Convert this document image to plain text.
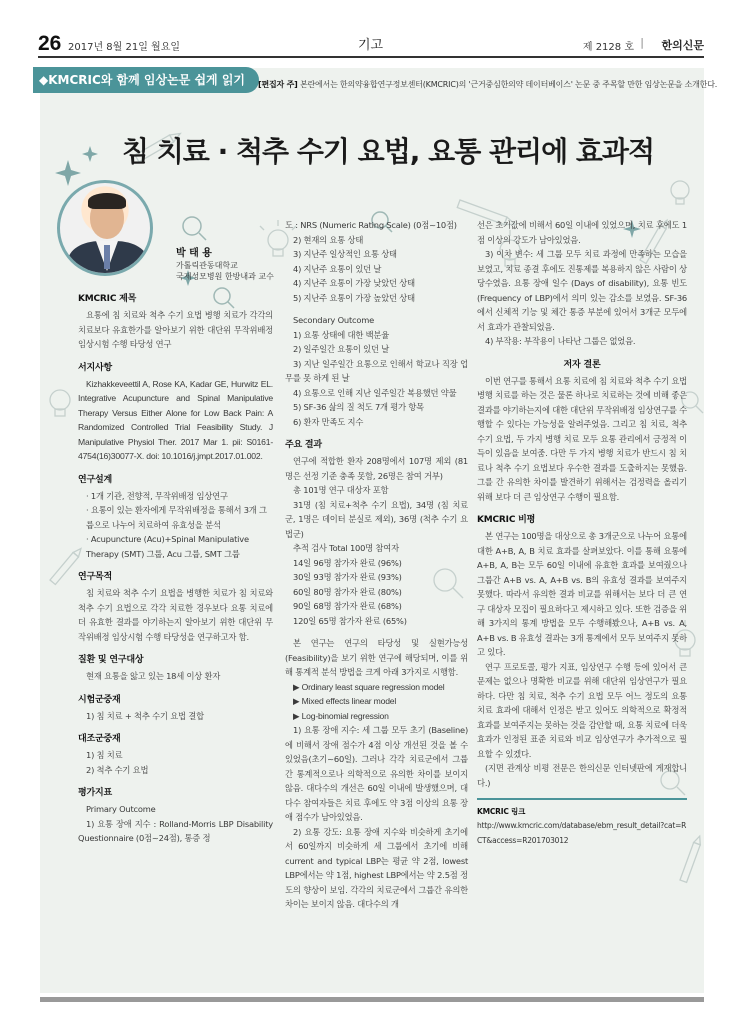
26 2017년 8월 21일 월요일	기고	제 2128 호 | 한의신문
◆KMCRIC와 함께 임상논문 쉽게 읽기	[편집자 주] 본란에서는 한의약융합연구정보센터(KMCRIC)의 '근거중심한의약 데이터베이스' 논문 중 주목할 만한 임상논문을 소개한다.
침 치료 · 척추 수기 요법, 요통 관리에 효과적
박 태 용
가톨릭관동대학교
국제성모병원 한방내과 교수
KMCRIC 제목

요통에 침 치료와 척추 수기 요법 병행 치료가 각각의 치료보다 유효한가를 알아보기 위한 대단위 무작위배정 임상시험 수행 타당성 연구

서지사항

Kizhakkeveettil A, Rose KA, Kadar GE, Hurwitz EL. Integrative Acupuncture and Spinal Manipulative Therapy Versus Either Alone for Low Back Pain: A Randomized Controlled Trial Feasibility Study. J Manipulative Physiol Ther. 2017 Mar 1. pii: S0161-4754(16)30077-X. doi: 10.1016/j.jmpt.2017.01.002.

연구설계
· 1개 기관, 전향적, 무작위배정 임상연구
· 요통이 있는 환자에게 무작위배정을 통해서 3개 그룹으로 나누어 치료하여 유효성을 분석
· Acupuncture (Acu)+Spinal Manipulative Therapy (SMT) 그룹, Acu 그룹, SMT 그룹
연구목적

침 치료와 척추 수기 요법을 병행한 치료가 침 치료와 척추 수기 요법으로 각각 치료한 경우보다 요통 치료에 더 유효한 결과를 야기하는지 알아보기 위한 대단위 무작위배정 임상시험 수행 타당성을 연구하고자 함.

질환 및 연구대상

현재 요통을 앓고 있는 18세 이상 환자

시험군중재
1) 침 치료 + 척추 수기 요법 결합
대조군중재
1) 침 치료
2) 척추 수기 요법
평가지표
Primary Outcome

1) 요통 장애 지수 : Rolland-Morris LBP Disability Questionnaire (0점~24점), 통증 정

도 : NRS (Numeric Rating Scale) (0점~10점)
2) 현재의 요통 상태
3) 지난주 일상적인 요통 상태
4) 지난주 요통이 있던 날
4) 지난주 요통이 가장 낮았던 상태
5) 지난주 요통이 가장 높았던 상태
Secondary Outcome
1) 요통 상태에 대한 백분율
2) 일주일간 요통이 있던 날

3) 지난 일주일간 요통으로 인해서 학교나 직장 업무를 못 하게 된 날

4) 요통으로 인해 지난 일주일간 복용했던 약물
5) SF-36 삶의 질 척도 7개 평가 항목
6) 환자 만족도 지수
주요 결과

연구에 적합한 환자 208명에서 107명 제외 (81명은 선정 기준 충족 못함, 26명은 참여 거부)

총 101명 연구 대상자 포함

31명 (침 치료+척추 수기 요법), 34명 (침 치료군, 1명은 데이터 분실로 제외), 36명 (척추 수기 요법군)

추적 검사 Total 100명 참여자
14일 96명 참가자 완료 (96%)
30일 93명 참가자 완료 (93%)
60일 80명 참가자 완료 (80%)
90일 68명 참가자 완료 (68%)
120일 65명 참가자 완료 (65%)

본 연구는 연구의 타당성 및 실현가능성 (Feasibility)을 보기 위한 연구에 해당되며, 이를 위해 통계적 분석 방법을 크게 아래 3가지로 시행함.

▶ Ordinary least square regression model
▶ Mixed effects linear model
▶ Log-binomial regression

1) 요통 장애 지수: 세 그룹 모두 초기 (Baseline)에 비해서 장애 점수가 4점 이상 개선된 것을 볼 수 있었음(초기~60일). 그러나 각각 치료군에서 그룹간 통계적으로나 의학적으로 유의한 차이를 보이지 않음. 대다수의 개선은 60일 이내에 발생했으며, 대다수 참여자들은 치료 후에도 약 3점 이상의 요통 장애 점수가 남아있었음.

2) 요통 강도: 요통 장애 지수와 비슷하게 초기에서 60일까지 비슷하게 세 그룹에서 초기에 비해 current and typical LBP는 평균 약 2점, lowest LBP에서는 약 1점, highest LBP에서는 약 2.5점 정도의 향상이 보임. 각각의 치료군에서 그룹간 유의한 차이는 보이지 않음. 대다수의 개

선은 초기값에 비해서 60일 이내에 있었으며, 치료 후에도 1점 이상의 강도가 남아있었음.

3) 이차 변수: 세 그룹 모두 치료 과정에 만족하는 모습을 보였고, 치료 종결 후에도 진통제를 복용하지 않은 사람이 상당수였음. 요통 장애 일수 (Days of disability), 요통 빈도 (Frequency of LBP)에서 의미 있는 감소를 보였음. SF-36에서 신체적 기능 및 체간 통증 부분에 있어서 3개군 모두에서 효과가 관찰되었음.

4) 부작용: 부작용이 나타난 그룹은 없었음.

저자 결론

이번 연구를 통해서 요통 치료에 침 치료와 척추 수기 요법 병행 치료를 하는 것은 물론 하나로 치료하는 것에 비해 좋은 결과를 야기하는지에 대한 대단위 무작위배정 임상연구를 수행할 수 있다는 가능성을 알려주었음. 그리고 침 치료, 척추 수기 요법, 두 가지 병행 치료 모두 요통 관리에서 긍정적 이득이 있음을 보여줌. 다만 두 가지 병행 치료가 반드시 침 치료나 척추 수기 요법보다 우수한 결과를 도출하지는 못했음. 그를 간 유의한 차이를 발견하기 위해서는 검정력을 올리기 위해 보다 더 큰 임상연구 수행이 필요함.

KMCRIC 비평

본 연구는 100명을 대상으로 총 3개군으로 나누어 요통에 대한 A+B, A, B 치료 효과를 살펴보았다. 이를 통해 요통에 A+B, A, B는 모두 60일 이내에 유효한 효과를 보여줬으나 그룹간 A+B vs. A, A+B vs. B의 유효성 결과를 보여주지 못했다. 따라서 유의한 결과 비교를 위해서는 보다 더 큰 연구 대상자 모집이 필요하다고 제시하고 있다. 또한 검증을 위해 3가지의 통계 방법을 모두 수행해봤으나, A+B vs. A, A+B vs. B 유효성 결과는 3개 통계에서 모두 보여주지 못하고 있다.

연구 프로토콜, 평가 지표, 임상연구 수행 등에 있어서 큰 문제는 없으나 명확한 비교를 위해 대단위 임상연구가 필요하다. 다만 침 치료, 척추 수기 요법 모두 어느 정도의 요통 치료 효과에 대해서 인정은 받고 있어도 의학적으로 확정적 효과를 보여주지는 못하는 것을 감안할 때, 요통 치료에 더욱 효과가 인정된 표준 치료와 비교 임상연구가 추가적으로 필요할 수 있겠다.

(지면 관계상 비평 전문은 한의신문 인터넷판에 게재합니다.)

KMCRIC 링크
http://www.kmcric.com/database/ebm_result_detail?cat=RCT&access=R201703012
